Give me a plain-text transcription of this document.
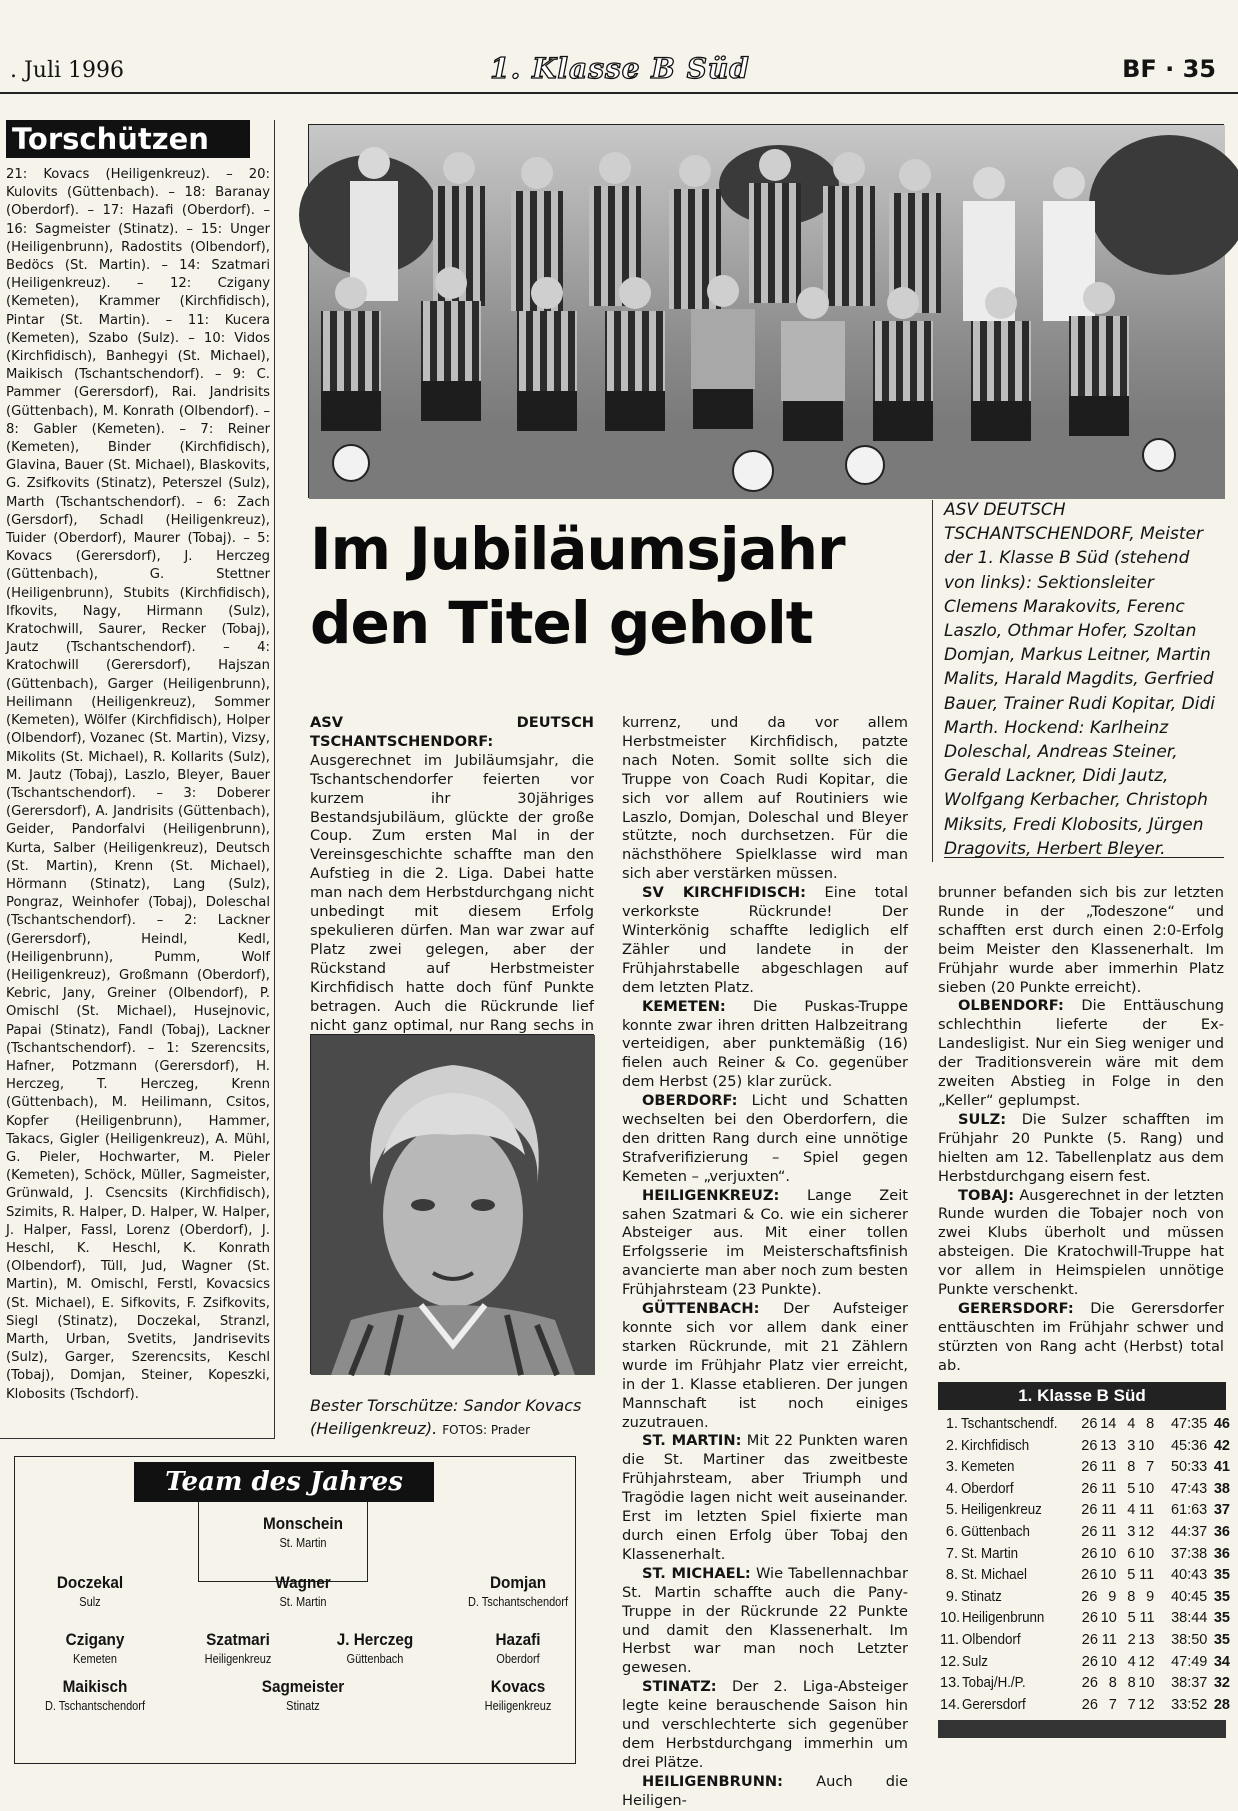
. Juli 1996	1. Klasse B Süd	BF · 35
Torschützen
21: Kovacs (Heiligenkreuz). – 20: Kulovits (Güttenbach). – 18: Baranay (Oberdorf). – 17: Hazafi (Oberdorf). – 16: Sagmeister (Stinatz). – 15: Unger (Heiligenbrunn), Radostits (Olbendorf), Bedöcs (St. Martin). – 14: Szatmari (Heiligenkreuz). – 12: Czigany (Kemeten), Krammer (Kirchfidisch), Pintar (St. Martin). – 11: Kucera (Kemeten), Szabo (Sulz). – 10: Vidos (Kirchfidisch), Banhegyi (St. Michael), Maikisch (Tschantschendorf). – 9: C. Pammer (Gerersdorf), Rai. Jandrisits (Güttenbach), M. Konrath (Olbendorf). – 8: Gabler (Kemeten). – 7: Reiner (Kemeten), Binder (Kirchfidisch), Glavina, Bauer (St. Michael), Blaskovits, G. Zsifkovits (Stinatz), Peterszel (Sulz), Marth (Tschantschendorf). – 6: Zach (Gersdorf), Schadl (Heiligenkreuz), Tuider (Oberdorf), Maurer (Tobaj). – 5: Kovacs (Gerersdorf), J. Herczeg (Güttenbach), G. Stettner (Heiligenbrunn), Stubits (Kirchfidisch), Ifkovits, Nagy, Hirmann (Sulz), Kratochwill, Saurer, Recker (Tobaj), Jautz (Tschantschendorf). – 4: Kratochwill (Gerersdorf), Hajszan (Güttenbach), Garger (Heiligenbrunn), Heilimann (Heiligenkreuz), Sommer (Kemeten), Wölfer (Kirchfidisch), Holper (Olbendorf), Vozanec (St. Martin), Vizsy, Mikolits (St. Michael), R. Kollarits (Sulz), M. Jautz (Tobaj), Laszlo, Bleyer, Bauer (Tschantschendorf). – 3: Doberer (Gerersdorf), A. Jandrisits (Güttenbach), Geider, Pandorfalvi (Heiligenbrunn), Kurta, Salber (Heiligenkreuz), Deutsch (St. Martin), Krenn (St. Michael), Hörmann (Stinatz), Lang (Sulz), Pongraz, Weinhofer (Tobaj), Doleschal (Tschantschendorf). – 2: Lackner (Gerersdorf), Heindl, Kedl, (Heiligenbrunn), Pumm, Wolf (Heiligenkreuz), Großmann (Oberdorf), Kebric, Jany, Greiner (Olbendorf), P. Omischl (St. Michael), Husejnovic, Papai (Stinatz), Fandl (Tobaj), Lackner (Tschantschendorf). – 1: Szerencsits, Hafner, Potzmann (Gerersdorf), H. Herczeg, T. Herczeg, Krenn (Güttenbach), M. Heilimann, Csitos, Kopfer (Heiligenbrunn), Hammer, Takacs, Gigler (Heiligenkreuz), A. Mühl, G. Pieler, Hochwarter, M. Pieler (Kemeten), Schöck, Müller, Sagmeister, Grünwald, J. Csencsits (Kirchfidisch), Szimits, R. Halper, D. Halper, W. Halper, J. Halper, Fassl, Lorenz (Oberdorf), J. Heschl, K. Heschl, K. Konrath (Olbendorf), Tüll, Jud, Wagner (St. Martin), M. Omischl, Ferstl, Kovacsics (St. Michael), E. Sifkovits, F. Zsifkovits, Siegl (Stinatz), Doczekal, Stranzl, Marth, Urban, Svetits, Jandrisevits (Sulz), Garger, Szerencsits, Keschl (Tobaj), Domjan, Steiner, Kopeszki, Klobosits (Tschdorf).
ASV DEUTSCH TSCHANTSCHENDORF, Meister der 1. Klasse B Süd (stehend von links): Sektionsleiter Clemens Marakovits, Ferenc Laszlo, Othmar Hofer, Szoltan Domjan, Markus Leitner, Martin Malits, Harald Magdits, Gerfried Bauer, Trainer Rudi Kopitar, Didi Marth. Hockend: Karlheinz Doleschal, Andreas Steiner, Gerald Lackner, Didi Jautz, Wolfgang Kerbacher, Christoph Miksits, Fredi Klobosits, Jürgen Dragovits, Herbert Bleyer.
Im Jubiläumsjahr
den Titel geholt

ASV DEUTSCH TSCHANTSCHENDORF: Ausgerechnet im Jubiläumsjahr, die Tschantschendorfer feierten vor kurzem ihr 30jähriges Bestandsjubiläum, glückte der große Coup. Zum ersten Mal in der Vereinsgeschichte schaffte man den Aufstieg in die 2. Liga. Dabei hatte man nach dem Herbstdurchgang nicht unbedingt mit diesem Erfolg spekulieren dürfen. Man war zwar auf Platz zwei gelegen, aber der Rückstand auf Herbstmeister Kirchfidisch hatte doch fünf Punkte betragen. Auch die Rückrunde lief nicht ganz optimal, nur Rang sechs in

Bester Torschütze: Sandor Kovacs (Heiligenkreuz). FOTOS: Prader

kurrenz, und da vor allem Herbstmeister Kirchfidisch, patzte nach Noten. Somit sollte sich die Truppe von Coach Rudi Kopitar, die sich vor allem auf Routiniers wie Laszlo, Domjan, Doleschal und Bleyer stützte, noch durchsetzen. Für die nächsthöhere Spielklasse wird man sich aber verstärken müssen.

SV KIRCHFIDISCH: Eine total verkorkste Rückrunde! Der Winterkönig schaffte lediglich elf Zähler und landete in der Frühjahrstabelle abgeschlagen auf dem letzten Platz.

KEMETEN: Die Puskas-Truppe konnte zwar ihren dritten Halbzeitrang verteidigen, aber punktemäßig (16) fielen auch Reiner & Co. gegenüber dem Herbst (25) klar zurück.

OBERDORF: Licht und Schatten wechselten bei den Oberdorfern, die den dritten Rang durch eine unnötige Strafverifizierung – Spiel gegen Kemeten – „verjuxten“.

HEILIGENKREUZ: Lange Zeit sahen Szatmari & Co. wie ein sicherer Absteiger aus. Mit einer tollen Erfolgsserie im Meisterschaftsfinish avancierte man aber noch zum besten Frühjahrsteam (23 Punkte).

GÜTTENBACH: Der Aufsteiger konnte sich vor allem dank einer starken Rückrunde, mit 21 Zählern wurde im Frühjahr Platz vier erreicht, in der 1. Klasse etablieren. Der jungen Mannschaft ist noch einiges zuzutrauen.

ST. MARTIN: Mit 22 Punkten waren die St. Martiner das zweitbeste Frühjahrsteam, aber Triumph und Tragödie lagen nicht weit auseinander. Erst im letzten Spiel fixierte man durch einen Erfolg über Tobaj den Klassenerhalt.

ST. MICHAEL: Wie Tabellennachbar St. Martin schaffte auch die Pany-Truppe in der Rückrunde 22 Punkte und damit den Klassenerhalt. Im Herbst war man noch Letzter gewesen.

STINATZ: Der 2. Liga-Absteiger legte keine berauschende Saison hin und verschlechterte sich gegenüber dem Herbstdurchgang immerhin um drei Plätze.

HEILIGENBRUNN: Auch die Heiligen-

brunner befanden sich bis zur letzten Runde in der „Todeszone“ und schafften erst durch einen 2:0-Erfolg beim Meister den Klassenerhalt. Im Frühjahr wurde aber immerhin Platz sieben (20 Punkte erreicht).

OLBENDORF: Die Enttäuschung schlechthin lieferte der Ex-Landesligist. Nur ein Sieg weniger und der Traditionsverein wäre mit dem zweiten Abstieg in Folge in den „Keller“ geplumpst.

SULZ: Die Sulzer schafften im Frühjahr 20 Punkte (5. Rang) und hielten am 12. Tabellenplatz aus dem Herbstdurchgang eisern fest.

TOBAJ: Ausgerechnet in der letzten Runde wurden die Tobajer noch von zwei Klubs überholt und müssen absteigen. Die Kratochwill-Truppe hat vor allem in Heimspielen unnötige Punkte verschenkt.

GERERSDORF: Die Gerersdorfer enttäuschten im Frühjahr schwer und stürzten von Rang acht (Herbst) total ab.

1. Klasse B Süd
1. Tschantschendf.	26 14 4 8	47:35 46
2. Kirchfidisch	26 13 3 10	45:36 42
3. Kemeten	26 11 8 7	50:33 41
4. Oberdorf	26 11 5 10	47:43 38
5. Heiligenkreuz	26 11 4 11	61:63 37
6. Güttenbach	26 11 3 12	44:37 36
7. St. Martin	26 10 6 10	37:38 36
8. St. Michael	26 10 5 11	40:43 35
9. Stinatz	26 9 8 9	40:45 35
10. Heiligenbrunn	26 10 5 11	38:44 35
11. Olbendorf	26 11 2 13	38:50 35
12. Sulz	26 10 4 12	47:49 34
13. Tobaj/H./P.	26 8 8 10	38:37 32
14. Gerersdorf	26 7 7 12	33:52 28
Team des Jahres
Monschein
St. Martin
Doczekal
Sulz
Wagner
St. Martin
Domjan
D. Tschantschendorf
Czigany
Kemeten
Szatmari
Heiligenkreuz
J. Herczeg
Güttenbach
Hazafi
Oberdorf
Maikisch
D. Tschantschendorf
Sagmeister
Stinatz
Kovacs
Heiligenkreuz
